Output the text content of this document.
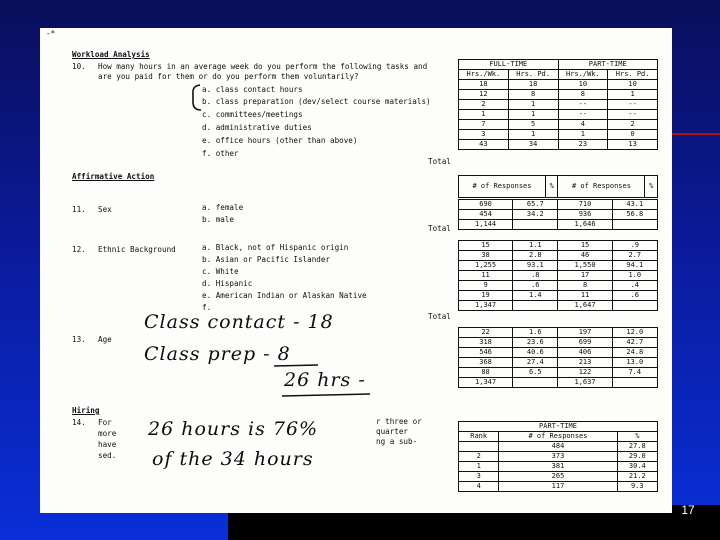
17
-*
Workload Analysis
10. How many hours in an average week do you perform the following tasks and
are you paid for them or do you perform them voluntarily?
a. class contact hours
b. class preparation (dev/select course materials)
c. committees/meetings
d. administrative duties
e. office hours (other than above)
f. other
Total
FULL-TIME		PART-TIME	
Hrs./Wk.	Hrs. Pd.	Hrs./Wk.	Hrs. Pd.
18	18	10	10
12	8	8	1
2	1	--	--
1	1	--	--
7	5	4	2
3	1	1	0
43	34	23	13
Affirmative Action
# of Responses	%	# of Responses	%
11. Sex	a. female
b. male
Total
690	65.7	710	43.1
454	34.2	936	56.8
1,144		1,646	
12. Ethnic Background	a. Black, not of Hispanic origin
b. Asian or Pacific Islander
c. White
d. Hispanic
e. American Indian or Alaskan Native
f.
Total
15	1.1	15	.9
38	2.8	46	2.7
1,255	93.1	1,550	94.1
11	.8	17	1.0
9	.6	8	.4
19	1.4	11	.6
1,347		1,647	
13. Age
22	1.6	197	12.0
318	23.6	699	42.7
546	40.6	406	24.8
368	27.4	213	13.0
88	6.5	122	7.4
1,347		1,637	
Class contact - 18
Class prep - 8
26 hrs -
26 hours is 76%
of the 34 hours
Hiring
14. For
more
have
sed.
r three or
quarter
ng a sub-
PART-TIME		
Rank	# of Responses	%
	484	27.8
2	373	29.0
1	381	30.4
3	265	21.2
4	117	9.3
